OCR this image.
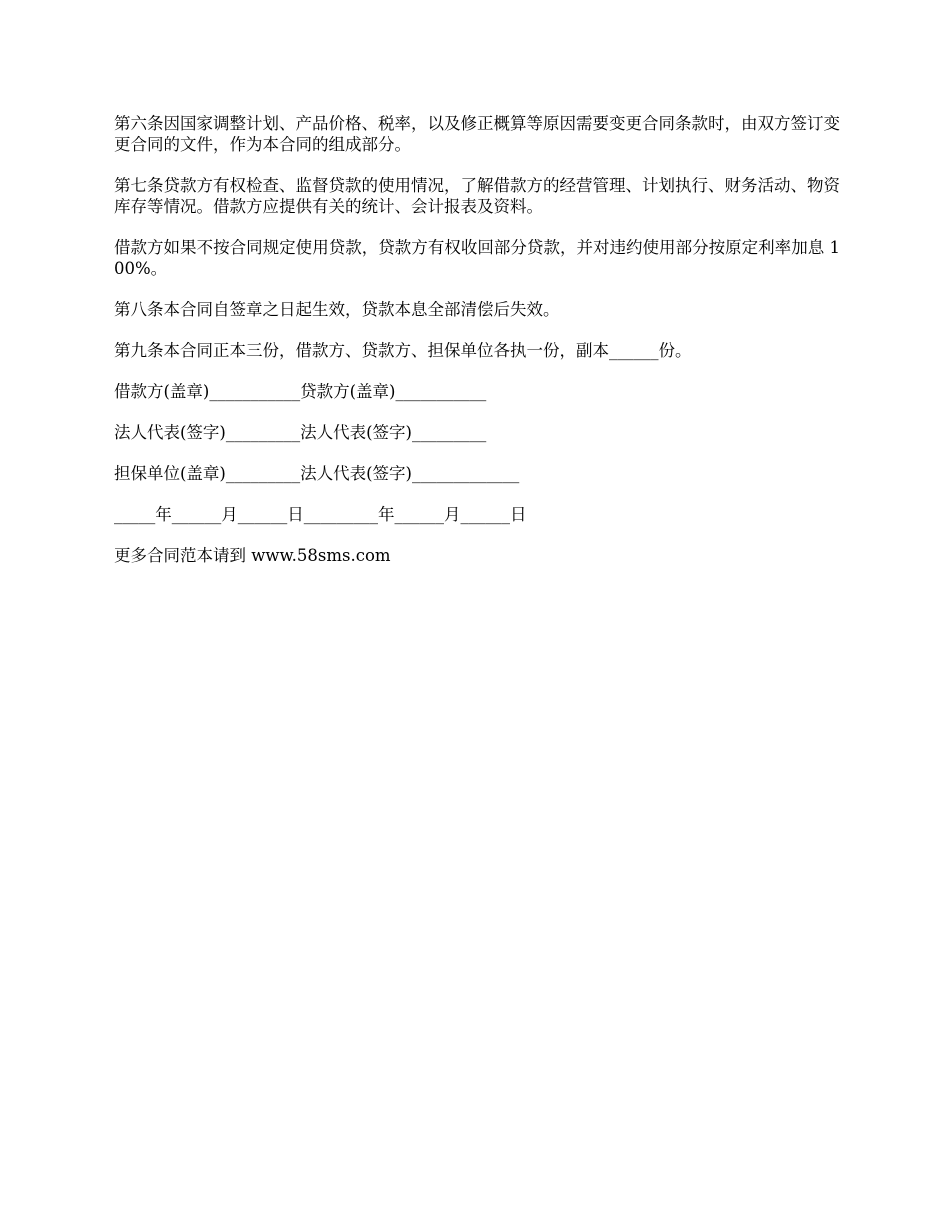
第六条因国家调整计划、产品价格、税率，以及修正概算等原因需要变更合同条款时，由双方签订变更合同的文件，作为本合同的组成部分。

第七条贷款方有权检查、监督贷款的使用情况，了解借款方的经营管理、计划执行、财务活动、物资库存等情况。借款方应提供有关的统计、会计报表及资料。

借款方如果不按合同规定使用贷款，贷款方有权收回部分贷款，并对违约使用部分按原定利率加息 100%。

第八条本合同自签章之日起生效，贷款本息全部清偿后失效。

第九条本合同正本三份，借款方、贷款方、担保单位各执一份，副本______份。

借款方(盖章)___________贷款方(盖章)___________

法人代表(签字)_________法人代表(签字)_________

担保单位(盖章)_________法人代表(签字)_____________

_____年______月______日_________年______月______日

更多合同范本请到 www.58sms.com
